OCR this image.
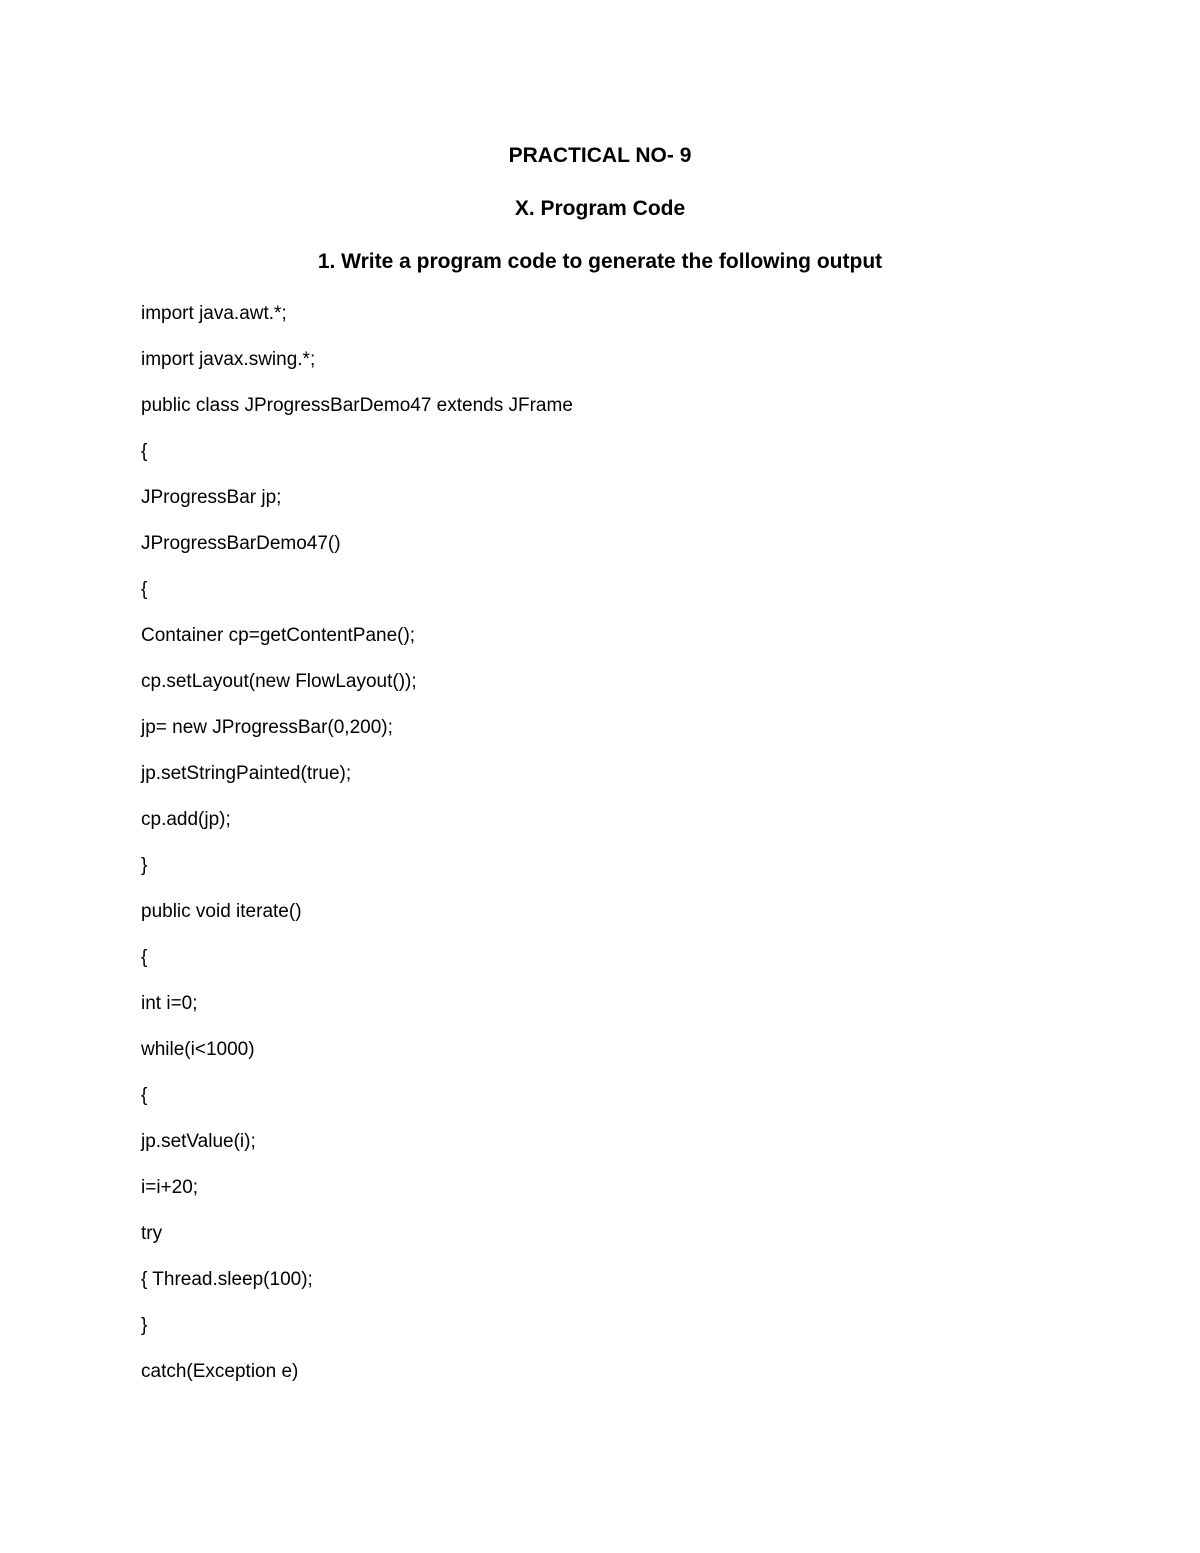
PRACTICAL NO- 9
X. Program Code
1. Write a program code to generate the following output
import java.awt.*;
import javax.swing.*;
public class JProgressBarDemo47 extends JFrame
{
JProgressBar jp;
JProgressBarDemo47()
{
Container cp=getContentPane();
cp.setLayout(new FlowLayout());
jp= new JProgressBar(0,200);
jp.setStringPainted(true);
cp.add(jp);
}
public void iterate()
{
int i=0;
while(i<1000)
{
jp.setValue(i);
i=i+20;
try
{ Thread.sleep(100);
}
catch(Exception e)
